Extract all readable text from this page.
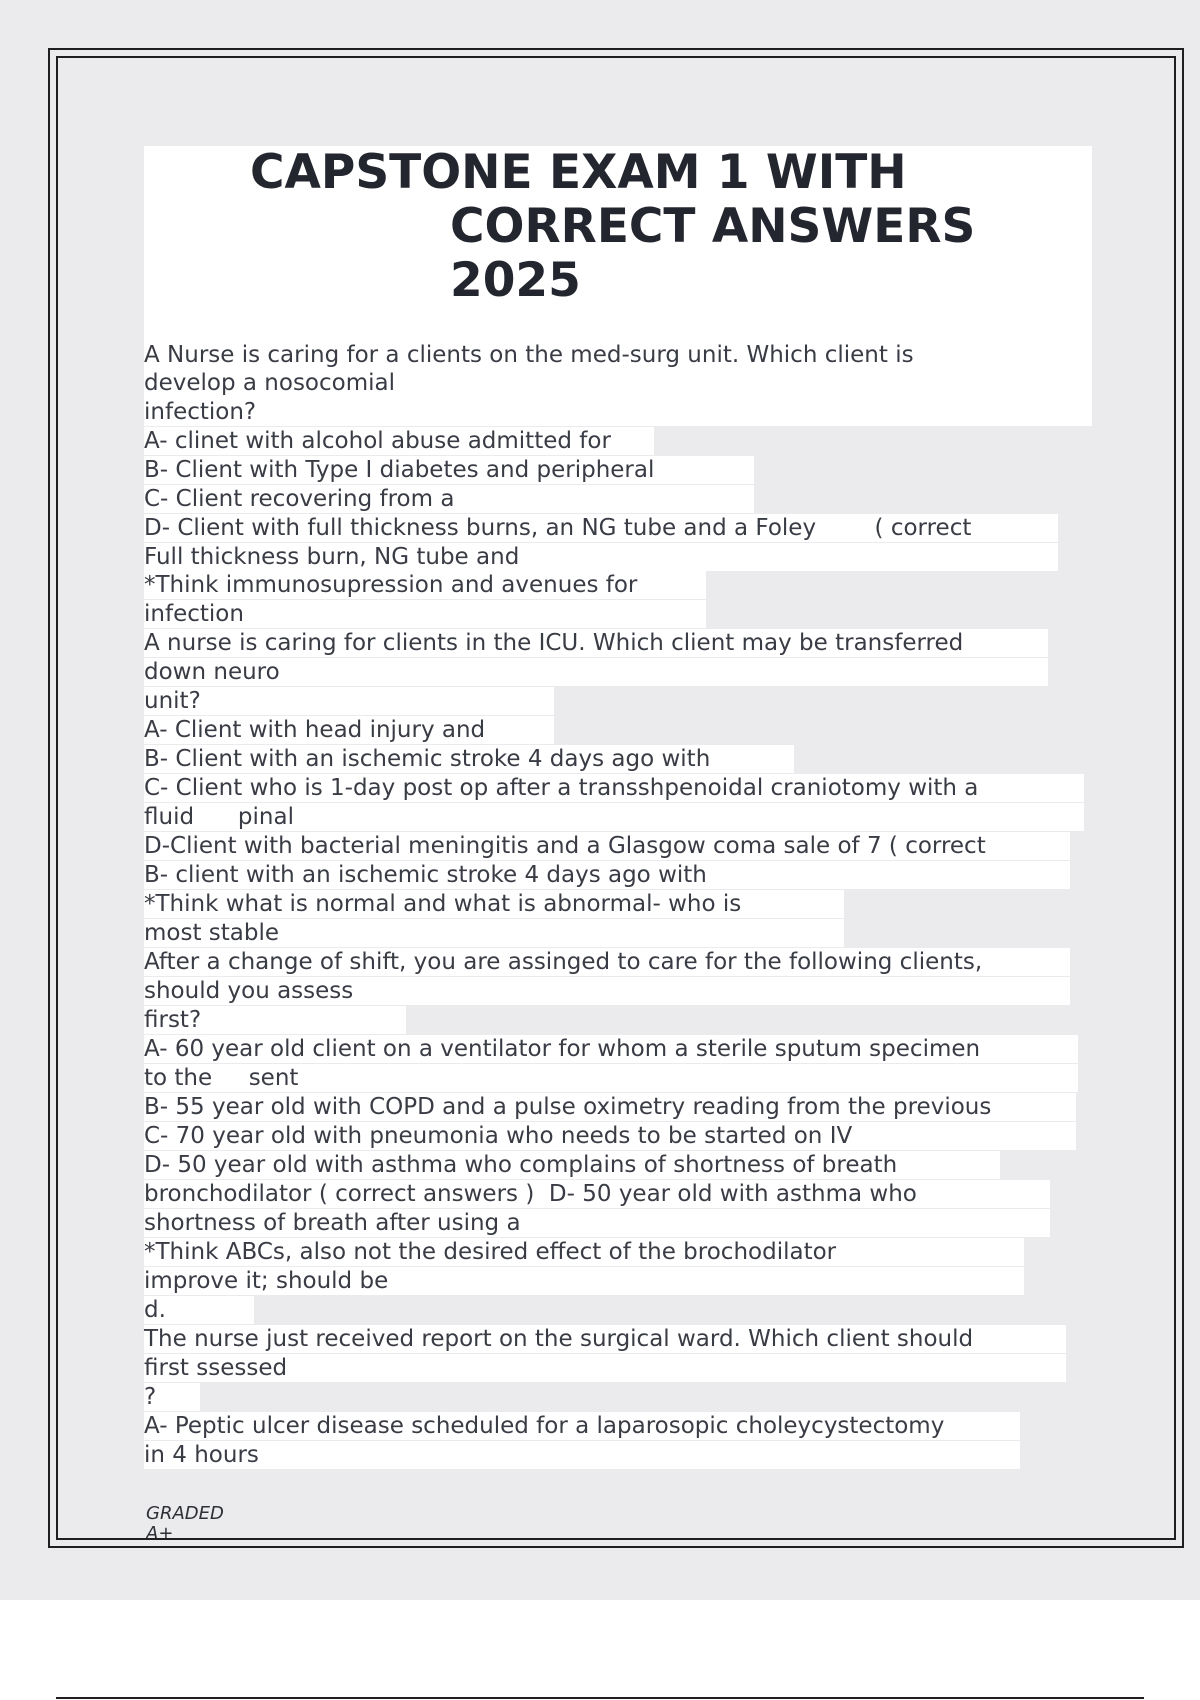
CAPSTONE EXAM 1 WITH
CORRECT ANSWERS
2025
A Nurse is caring for a clients on the med-surg unit. Which client is
develop a nosocomial
infection?
A- clinet with alcohol abuse admitted for
B- Client with Type I diabetes and peripheral
C- Client recovering from a
D- Client with full thickness burns, an NG tube and a Foley        ( correct
Full thickness burn, NG tube and
*Think immunosupression and avenues for
infection
A nurse is caring for clients in the ICU. Which client may be transferred
down neuro
unit?
A- Client with head injury and
B- Client with an ischemic stroke 4 days ago with
C- Client who is 1-day post op after a transshpenoidal craniotomy with a
fluid      pinal
D-Client with bacterial meningitis and a Glasgow coma sale of 7 ( correct
B- client with an ischemic stroke 4 days ago with
*Think what is normal and what is abnormal- who is
most stable
After a change of shift, you are assinged to care for the following clients,
should you assess
first?
A- 60 year old client on a ventilator for whom a sterile sputum specimen
to the     sent
B- 55 year old with COPD and a pulse oximetry reading from the previous
C- 70 year old with pneumonia who needs to be started on IV
D- 50 year old with asthma who complains of shortness of breath
bronchodilator ( correct answers )  D- 50 year old with asthma who
shortness of breath after using a
*Think ABCs, also not the desired effect of the brochodilator
improve it; should be
d.
The nurse just received report on the surgical ward. Which client should
first ssessed
?
A- Peptic ulcer disease scheduled for a laparosopic choleycystectomy
in 4 hours
GRADED
A+
